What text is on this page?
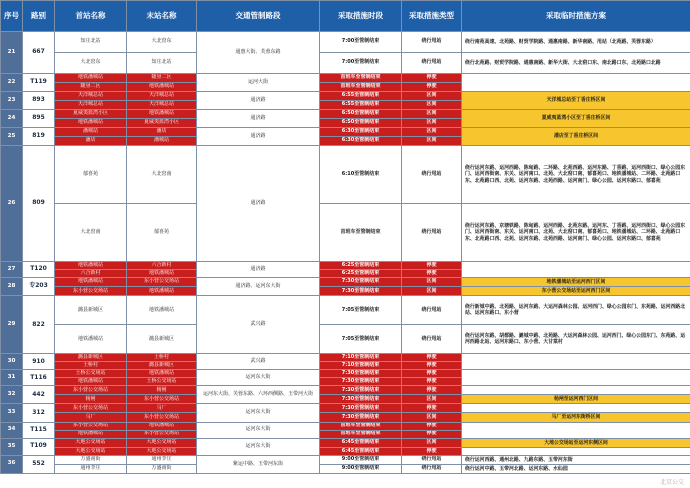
序号	路别	首站名称	末站名称	交通管制路段	采取措施时段	采取措施类型	采取临时措施方案
21	667	知庄北站	大北窑东	通惠大街、芙蓉东路	7:00至管制结束	绕行甩站	绕行南苑高速、北苑路、财贸学院路、通惠南路、新华南路、甩站（北苑路、芙蓉东路）
		大北窑东	知庄北站		7:00至管制结束	绕行甩站	绕行北苑路、财贸学院路、通惠南路、新华大街、大北窑口东、南北路口东、北苑路口北路
22	T119	地铁潘城站	随垦二区	运河大街	首班车至管制结束	停驶	
		随垦二区	地铁潘城站		首班车至管制结束	停驶	
23	893	天洋城总站	天洋城总站	通济路	6:55至管制结束	区间	天洋城总站至丁香庄桥区间
		天洋城总站	天洋城总站		6:55至管制结束	区间	
24	895	夏威夷蓝湾小区	地铁潘城站	通济路	6:50至管制结束	区间	夏威夷蓝湾小区至丁香庄桥区间
		地铁潘城站	夏威夷蓝湾小区		6:50至管制结束	区间	
25	819	潘城站	潘店	通济路	6:30至管制结束	区间	潘店至丁香庄桥区间
		潘店	潘城站		6:30至管制结束	区间	
26	809	郁喜苑	大北窑南	通济路	6:10至管制结束	绕行甩站	绕行运河东路、运河西路、陈甸路、二环路、北苑西路、运河东路、丁香路、运河西街口、绿心公园东门、运河西街南、东关、运河南口、北苑、大北窑口南、郁喜苑口、地铁潘城站、二环路、北苑路口东、北苑路口西、北苑、运河东路、北苑西路、运河南门、绿心公园、运河东路口、郁喜苑
		大北窑南	郁喜苑		首班车至管制结束	绕行甩站	绕行运河东路、京塘铁路、陈甸路、运河西路、北苑东路、运河东、丁香路、运河西街口、绿心公园东门、运河西街南、东关、运河南口、北苑、大北窑口南、郁喜苑口、地铁潘城站、二环路、北苑路口东、北苑路口西、北苑、运河东路、北苑西路、运河南门、绿心公园、运河东路口、郁喜苑
27	T120	地铁潘城站	六合新村	通济路	6:25至管制结束	停驶	
		六合新村	地铁潘城站		6:25至管制结束	停驶	
28	专203	地铁潘城站	东小营公交场站	通济路、运河东大街	7:30至管制结束	区间	地铁潘城站至运河西门区间
		东小营公交场站	地铁潘城站		7:30至管制结束	区间	东小营公交场站至运河西门区间
29	822	潞县新城区	地铁潘城站	武兴路	7:05至管制结束	绕行甩站	绕行新城中路、北苑路、运河东路、大运河森林公园、运河西门、绿心公园东门、东苑路、运河西路北站、运河东路口、东小营
		地铁潘城站	潞县新城区		7:05至管制结束	绕行甩站	绕行运河东路、胡都路、潞城中路、北苑路、大运河森林公园、运河西门、绿心公园东门、东苑路、运河西路北站、运河东路口、东小营、大甘棠村
30	910	潞县新城区	土桥村	武兴路	7:10至管制结束	停驶	
		土桥村	潞县新城区		7:10至管制结束	停驶	
31	T116	土桥公交场站	地铁潘城站	运河东大街	7:30至管制结束	停驶	
		地铁潘城站	土桥公交场站		7:30至管制结束	停驶	
32	442	东小营公交场站	杨闸	运河东大街、芙蓉东路、六环西侧路、玉带河大街	7:30至管制结束	停驶	
		杨闸	东小营公交场站		7:30至管制结束	区间	杨闸至运河西门区间
33	312	东小营公交场站	马厂	运河东大街	7:30至管制结束	停驶	
		马厂	东小营公交场站		7:30至管制结束	区间	马厂至运河东街桥区间
34	T115	东小营公交场站	地铁潘城站	运河东大街	首班车至管制结束	停驶	
		地铁潘城站	东小营公交场站		首班车至管制结束	停驶	
35	T109	大地公交场站	大地公交场站	运河东大街	6:45至管制结束	区间	大地公交场站至运河东侧区间
		大地公交场站	大地公交场站		6:45至管制结束	停驶	
36	552	万盛南街	通州李庄	紫运中路、玉带河东街	9:00至管制结束	绕行甩站	绕行运河西路、通州北路、九路东路、玉带河东街
		通州李庄	万盛南街		9:00至管制结束	绕行甩站	绕行运河中路、玉带河北路、运河东路、水仙园
北京公交
